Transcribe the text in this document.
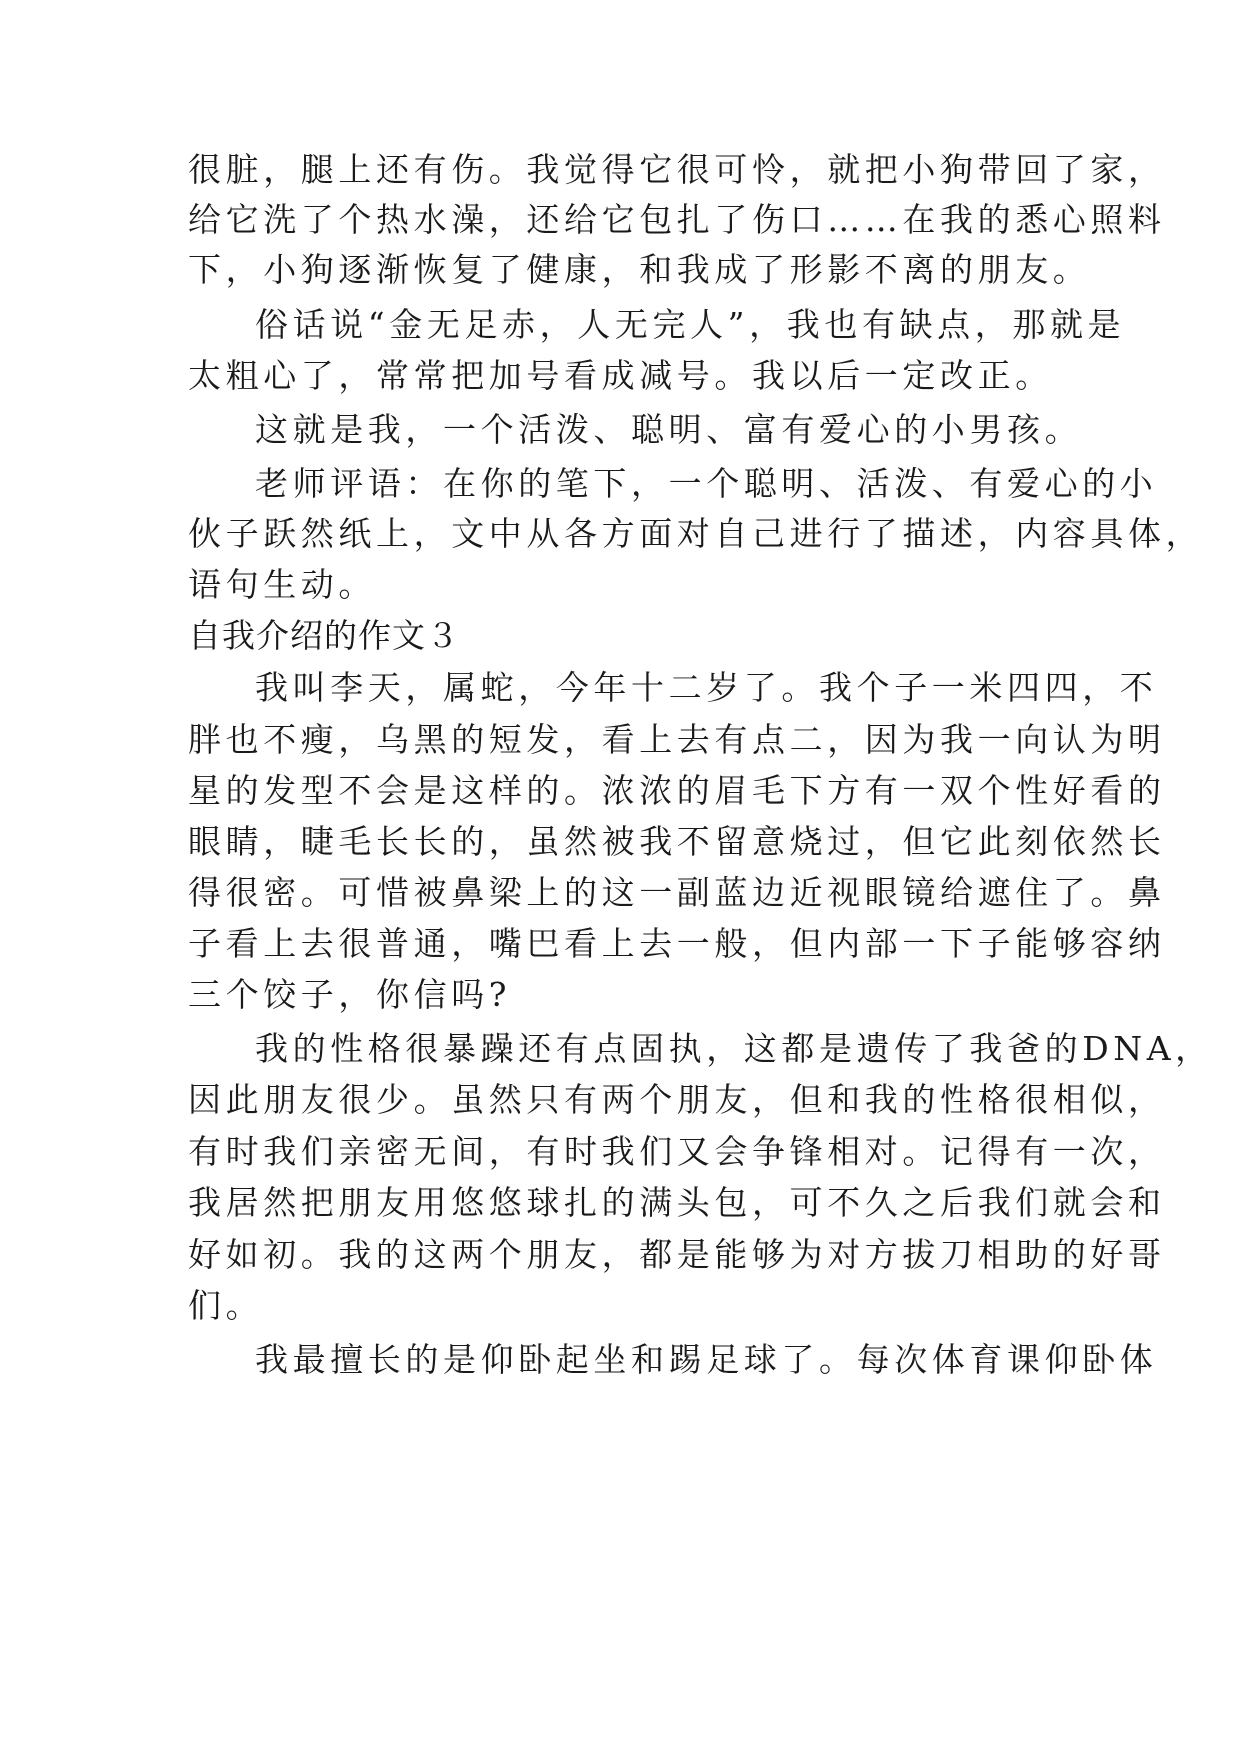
很脏，腿上还有伤。我觉得它很可怜，就把小狗带回了家，
给它洗了个热水澡，还给它包扎了伤口……在我的悉心照料
下，小狗逐渐恢复了健康，和我成了形影不离的朋友。
俗话说“金无足赤，人无完人”，我也有缺点，那就是
太粗心了，常常把加号看成减号。我以后一定改正。
这就是我，一个活泼、聪明、富有爱心的小男孩。
老师评语：在你的笔下，一个聪明、活泼、有爱心的小
伙子跃然纸上，文中从各方面对自己进行了描述，内容具体，
语句生动。
自我介绍的作文３
我叫李天，属蛇，今年十二岁了。我个子一米四四，不
胖也不瘦，乌黑的短发，看上去有点二，因为我一向认为明
星的发型不会是这样的。浓浓的眉毛下方有一双个性好看的
眼睛，睫毛长长的，虽然被我不留意烧过，但它此刻依然长
得很密。可惜被鼻梁上的这一副蓝边近视眼镜给遮住了。鼻
子看上去很普通，嘴巴看上去一般，但内部一下子能够容纳
三个饺子，你信吗?
我的性格很暴躁还有点固执，这都是遗传了我爸的DNA，
因此朋友很少。虽然只有两个朋友，但和我的性格很相似，
有时我们亲密无间，有时我们又会争锋相对。记得有一次，
我居然把朋友用悠悠球扎的满头包，可不久之后我们就会和
好如初。我的这两个朋友，都是能够为对方拔刀相助的好哥
们。
我最擅长的是仰卧起坐和踢足球了。每次体育课仰卧体
